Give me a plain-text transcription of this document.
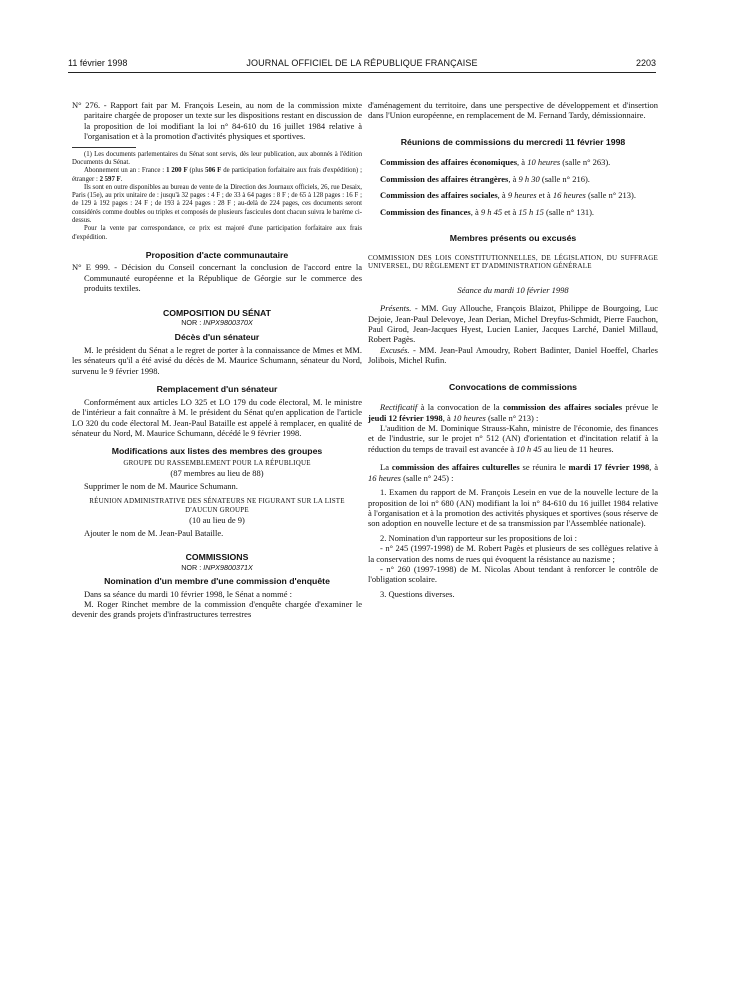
11 février 1998	JOURNAL OFFICIEL DE LA RÉPUBLIQUE FRANÇAISE	2203

N° 276. - Rapport fait par M. François Lesein, au nom de la commission mixte paritaire chargée de proposer un texte sur les dispositions restant en discussion de la proposition de loi modifiant la loi n° 84-610 du 16 juillet 1984 relative à l'organisation et à la promotion d'activités physiques et sportives.

(1) Les documents parlementaires du Sénat sont servis, dès leur publication, aux abonnés à l'édition Documents du Sénat.

Abonnement un an : France : 1 200 F (plus 506 F de participation forfaitaire aux frais d'expédition) ; étranger : 2 597 F.

Ils sont en outre disponibles au bureau de vente de la Direction des Journaux officiels, 26, rue Desaix, Paris (15e), au prix unitaire de : jusqu'à 32 pages : 4 F ; de 33 à 64 pages : 8 F ; de 65 à 128 pages : 16 F ; de 129 à 192 pages : 24 F ; de 193 à 224 pages : 28 F ; au-delà de 224 pages, ces documents seront considérés comme doubles ou triples et composés de plusieurs fascicules dont chacun suivra le barème ci-dessus.

Pour la vente par correspondance, ce prix est majoré d'une participation forfaitaire aux frais d'expédition.

Proposition d'acte communautaire

N° E 999. - Décision du Conseil concernant la conclusion de l'accord entre la Communauté européenne et la République de Géorgie sur le commerce des produits textiles.

COMPOSITION DU SÉNAT
NOR : INPX9800370X
Décès d'un sénateur

M. le président du Sénat a le regret de porter à la connaissance de Mmes et MM. les sénateurs qu'il a été avisé du décès de M. Maurice Schumann, sénateur du Nord, survenu le 9 février 1998.

Remplacement d'un sénateur

Conformément aux articles LO 325 et LO 179 du code électoral, M. le ministre de l'intérieur a fait connaître à M. le président du Sénat qu'en application de l'article LO 320 du code électoral M. Jean-Paul Bataille est appelé à remplacer, en qualité de sénateur du Nord, M. Maurice Schumann, décédé le 9 février 1998.

Modifications aux listes des membres des groupes

GROUPE DU RASSEMBLEMENT POUR LA RÉPUBLIQUE

(87 membres au lieu de 88)

Supprimer le nom de M. Maurice Schumann.

RÉUNION ADMINISTRATIVE DES SÉNATEURS NE FIGURANT SUR LA LISTE D'AUCUN GROUPE

(10 au lieu de 9)

Ajouter le nom de M. Jean-Paul Bataille.

COMMISSIONS
NOR : INPX9800371X
Nomination d'un membre d'une commission d'enquête

Dans sa séance du mardi 10 février 1998, le Sénat a nommé :

M. Roger Rinchet membre de la commission d'enquête chargée d'examiner le devenir des grands projets d'infrastructures terrestres

d'aménagement du territoire, dans une perspective de développement et d'insertion dans l'Union européenne, en remplacement de M. Fernand Tardy, démissionnaire.

Réunions de commissions du mercredi 11 février 1998

Commission des affaires économiques, à 10 heures (salle n° 263).

Commission des affaires étrangères, à 9 h 30 (salle n° 216).

Commission des affaires sociales, à 9 heures et à 16 heures (salle n° 213).

Commission des finances, à 9 h 45 et à 15 h 15 (salle n° 131).

Membres présents ou excusés

COMMISSION DES LOIS CONSTITUTIONNELLES, DE LÉGISLATION, DU SUFFRAGE UNIVERSEL, DU RÈGLEMENT ET D'ADMINISTRATION GÉNÉRALE

Séance du mardi 10 février 1998

Présents. - MM. Guy Allouche, François Blaizot, Philippe de Bourgoing, Luc Dejoie, Jean-Paul Delevoye, Jean Derian, Michel Dreyfus-Schmidt, Pierre Fauchon, Paul Girod, Jean-Jacques Hyest, Lucien Lanier, Jacques Larché, Daniel Millaud, Robert Pagès.

Excusés. - MM. Jean-Paul Amoudry, Robert Badinter, Daniel Hoeffel, Charles Jolibois, Michel Rufin.

Convocations de commissions

Rectificatif à la convocation de la commission des affaires sociales prévue le jeudi 12 février 1998, à 10 heures (salle n° 213) :

L'audition de M. Dominique Strauss-Kahn, ministre de l'économie, des finances et de l'industrie, sur le projet n° 512 (AN) d'orientation et d'incitation relatif à la réduction du temps de travail est avancée à 10 h 45 au lieu de 11 heures.

La commission des affaires culturelles se réunira le mardi 17 février 1998, à 16 heures (salle n° 245) :

1. Examen du rapport de M. François Lesein en vue de la nouvelle lecture de la proposition de loi n° 680 (AN) modifiant la loi n° 84-610 du 16 juillet 1984 relative à l'organisation et à la promotion des activités physiques et sportives (sous réserve de son adoption en nouvelle lecture et de sa transmission par l'Assemblée nationale).

2. Nomination d'un rapporteur sur les propositions de loi :

- n° 245 (1997-1998) de M. Robert Pagès et plusieurs de ses collègues relative à la conservation des noms de rues qui évoquent la résistance au nazisme ;

- n° 260 (1997-1998) de M. Nicolas About tendant à renforcer le contrôle de l'obligation scolaire.

3. Questions diverses.
